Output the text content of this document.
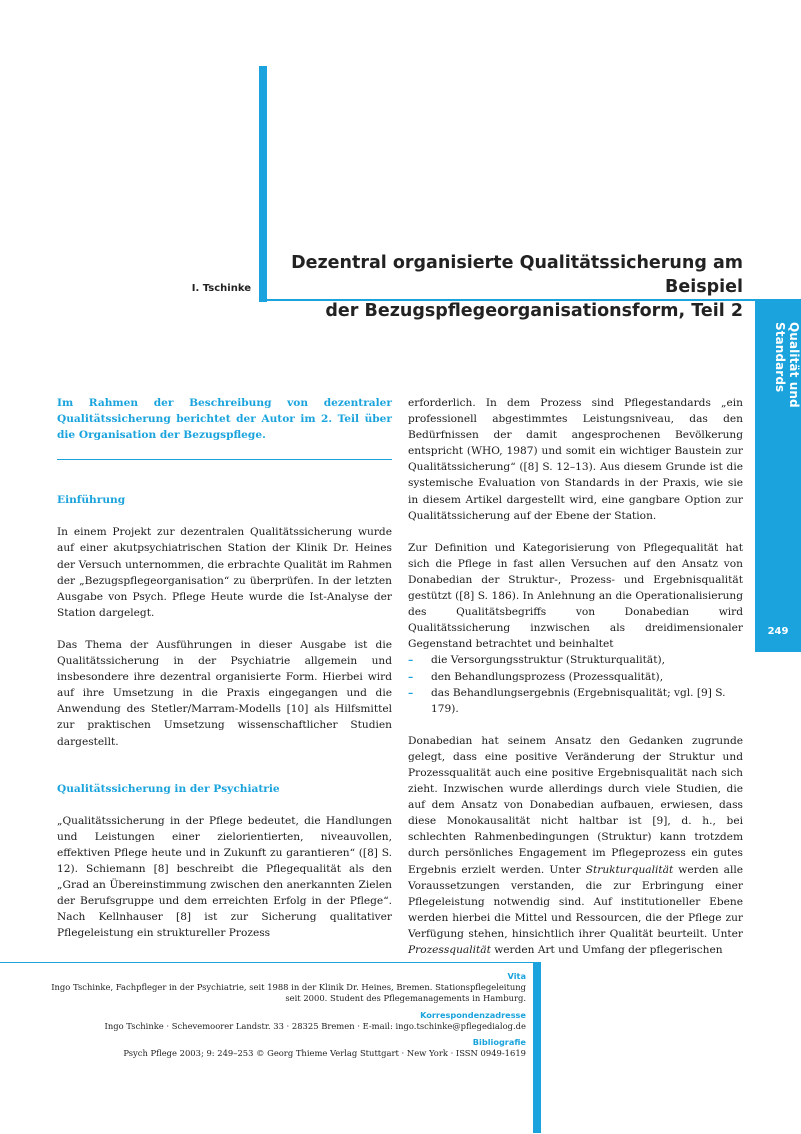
Dezentral organisierte Qualitätssicherung am Beispiel
der Bezugspflegeorganisationsform, Teil 2
I. Tschinke
Qualität und Standards
249

Im Rahmen der Beschreibung von dezentraler Qualitätssicherung berichtet der Autor im 2. Teil über die Organisation der Bezugspflege.

Einführung

In einem Projekt zur dezentralen Qualitätssicherung wurde auf einer akutpsychiatrischen Station der Klinik Dr. Heines der Versuch unternommen, die erbrachte Qualität im Rahmen der „Bezugspflegeorganisation“ zu überprüfen. In der letzten Ausgabe von Psych. Pflege Heute wurde die Ist-Analyse der Station dargelegt.

Das Thema der Ausführungen in dieser Ausgabe ist die Qualitätssicherung in der Psychiatrie allgemein und insbesondere ihre dezentral organisierte Form. Hierbei wird auf ihre Umsetzung in die Praxis eingegangen und die Anwendung des Stetler/Marram-Modells [10] als Hilfsmittel zur praktischen Umsetzung wissenschaftlicher Studien dargestellt.

Qualitätssicherung in der Psychiatrie

„Qualitätssicherung in der Pflege bedeutet, die Handlungen und Leistungen einer zielorientierten, niveauvollen, effektiven Pflege heute und in Zukunft zu garantieren“ ([8] S. 12). Schiemann [8] beschreibt die Pflegequalität als den „Grad an Übereinstimmung zwischen den anerkannten Zielen der Berufsgruppe und dem erreichten Erfolg in der Pflege“. Nach Kellnhauser [8] ist zur Sicherung qualitativer Pflegeleistung ein struktureller Prozess

erforderlich. In dem Prozess sind Pflegestandards „ein professionell abgestimmtes Leistungsniveau, das den Bedürfnissen der damit angesprochenen Bevölkerung entspricht (WHO, 1987) und somit ein wichtiger Baustein zur Qualitätssicherung“ ([8] S. 12–13). Aus diesem Grunde ist die systemische Evaluation von Standards in der Praxis, wie sie in diesem Artikel dargestellt wird, eine gangbare Option zur Qualitätssicherung auf der Ebene der Station.

Zur Definition und Kategorisierung von Pflegequalität hat sich die Pflege in fast allen Versuchen auf den Ansatz von Donabedian der Struktur-, Prozess- und Ergebnisqualität gestützt ([8] S. 186). In Anlehnung an die Operationalisierung des Qualitätsbegriffs von Donabedian wird Qualitätssicherung inzwischen als dreidimensionaler Gegenstand betrachtet und beinhaltet

– die Versorgungsstruktur (Strukturqualität),
– den Behandlungsprozess (Prozessqualität),
– das Behandlungsergebnis (Ergebnisqualität; vgl. [9] S. 179).

Donabedian hat seinem Ansatz den Gedanken zugrunde gelegt, dass eine positive Veränderung der Struktur und Prozessqualität auch eine positive Ergebnisqualität nach sich zieht. Inzwischen wurde allerdings durch viele Studien, die auf dem Ansatz von Donabedian aufbauen, erwiesen, dass diese Monokausalität nicht haltbar ist [9], d. h., bei schlechten Rahmenbedingungen (Struktur) kann trotzdem durch persönliches Engagement im Pflegeprozess ein gutes Ergebnis erzielt werden. Unter Strukturqualität werden alle Voraussetzungen verstanden, die zur Erbringung einer Pflegeleistung notwendig sind. Auf institutioneller Ebene werden hierbei die Mittel und Ressourcen, die der Pflege zur Verfügung stehen, hinsichtlich ihrer Qualität beurteilt. Unter Prozessqualität werden Art und Umfang der pflegerischen

Vita
Ingo Tschinke, Fachpfleger in der Psychiatrie, seit 1988 in der Klinik Dr. Heines, Bremen. Stationspflegeleitung seit 2000. Student des Pflegemanagements in Hamburg.
Korrespondenzadresse
Ingo Tschinke · Schevemoorer Landstr. 33 · 28325 Bremen · E-mail: ingo.tschinke@pflegedialog.de
Bibliografie
Psych Pflege 2003; 9: 249–253 © Georg Thieme Verlag Stuttgart · New York · ISSN 0949-1619
